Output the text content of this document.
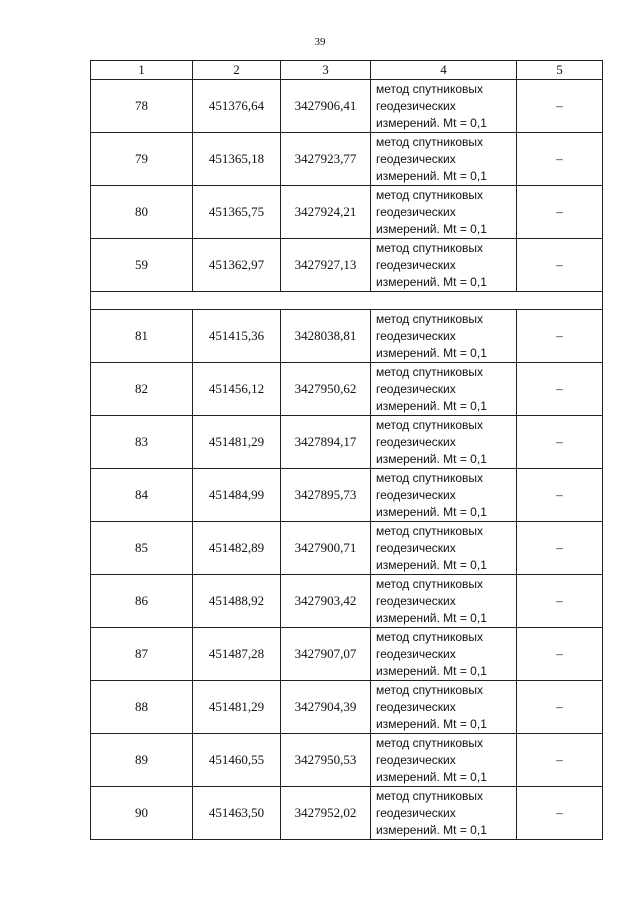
39
1	2	3	4	5
78	451376,64	3427906,41	метод спутниковых
геодезических
измерений. Mt = 0,1	–
79	451365,18	3427923,77	метод спутниковых
геодезических
измерений. Mt = 0,1	–
80	451365,75	3427924,21	метод спутниковых
геодезических
измерений. Mt = 0,1	–
59	451362,97	3427927,13	метод спутниковых
геодезических
измерений. Mt = 0,1	–

81	451415,36	3428038,81	метод спутниковых
геодезических
измерений. Mt = 0,1	–
82	451456,12	3427950,62	метод спутниковых
геодезических
измерений. Mt = 0,1	–
83	451481,29	3427894,17	метод спутниковых
геодезических
измерений. Mt = 0,1	–
84	451484,99	3427895,73	метод спутниковых
геодезических
измерений. Mt = 0,1	–
85	451482,89	3427900,71	метод спутниковых
геодезических
измерений. Mt = 0,1	–
86	451488,92	3427903,42	метод спутниковых
геодезических
измерений. Mt = 0,1	–
87	451487,28	3427907,07	метод спутниковых
геодезических
измерений. Mt = 0,1	–
88	451481,29	3427904,39	метод спутниковых
геодезических
измерений. Mt = 0,1	–
89	451460,55	3427950,53	метод спутниковых
геодезических
измерений. Mt = 0,1	–
90	451463,50	3427952,02	метод спутниковых
геодезических
измерений. Mt = 0,1	–
